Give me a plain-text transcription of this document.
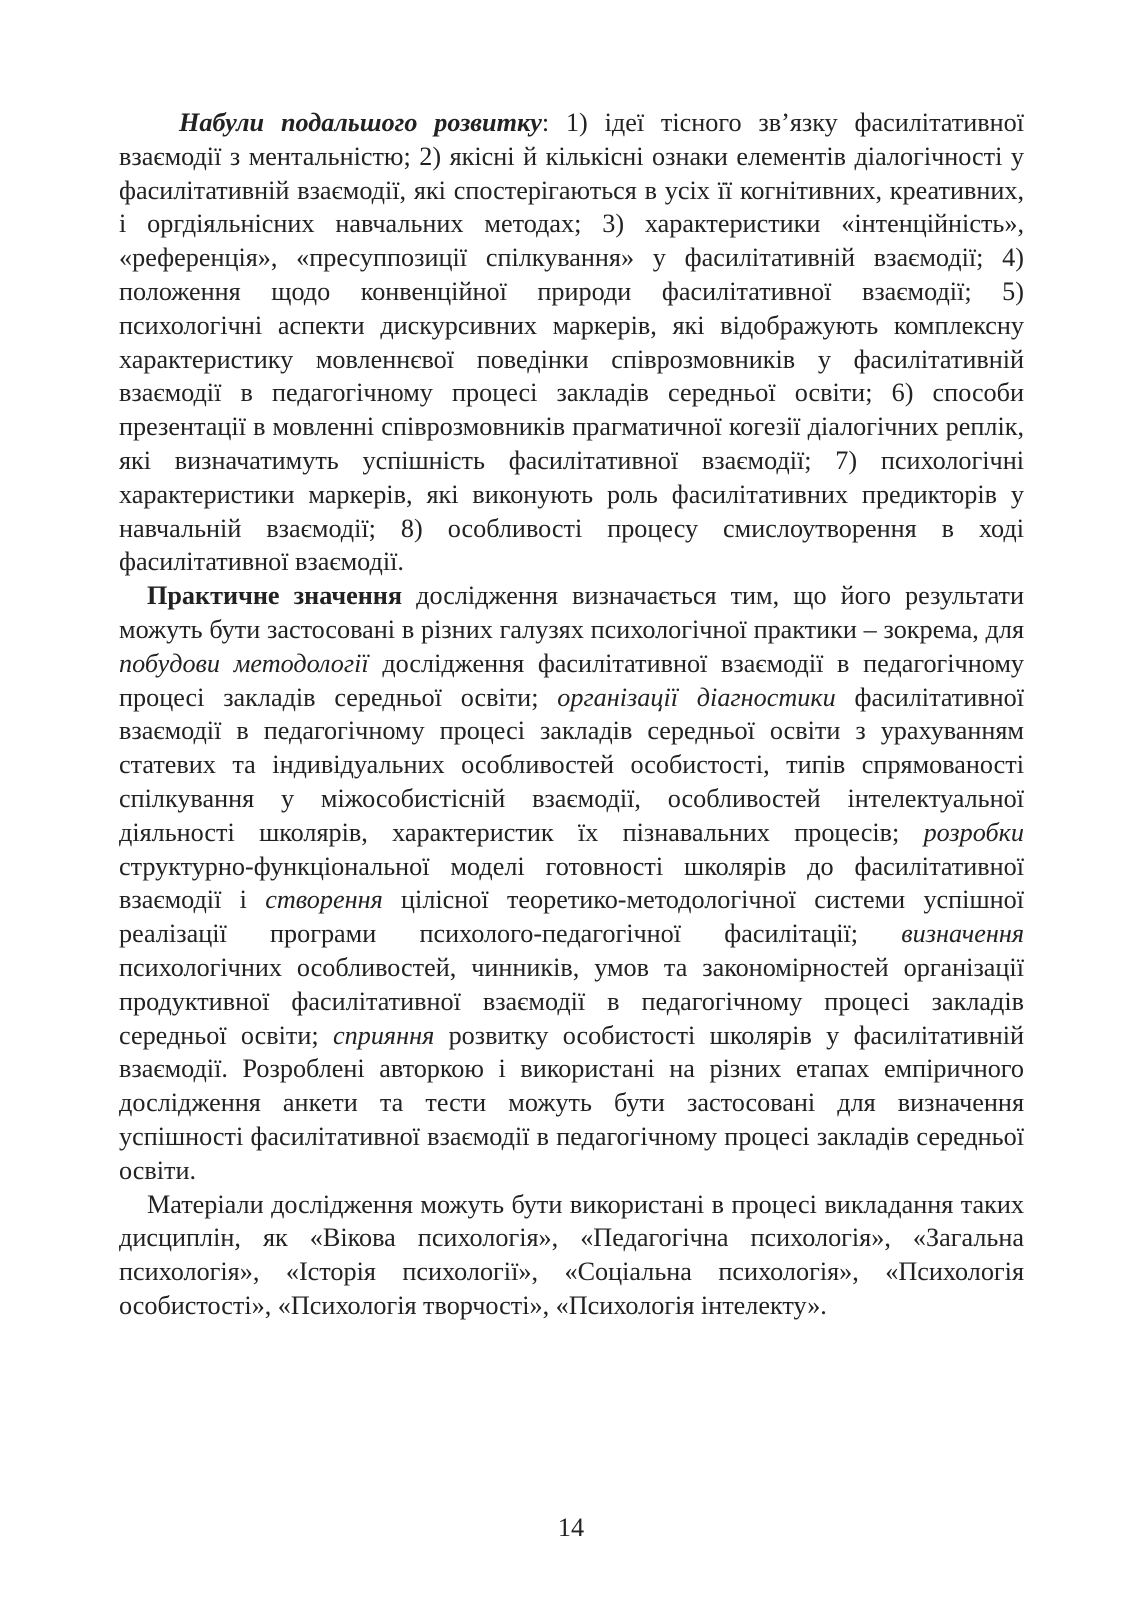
Набули подальшого розвитку: 1) ідеї тісного зв’язку фасилітативної взаємодії з ментальністю; 2) якісні й кількісні ознаки елементів діалогічності у фасилітативній взаємодії, які спостерігаються в усіх її когнітивних, креативних, і оргдіяльнісних навчальних методах; 3) характеристики «інтенційність», «референція», «пресуппозиції спілкування» у фасилітативній взаємодії; 4) положення щодо конвенційної природи фасилітативної взаємодії; 5) психологічні аспекти дискурсивних маркерів, які відображують комплексну характеристику мовленнєвої поведінки співрозмовників у фасилітативній взаємодії в педагогічному процесі закладів середньої освіти; 6) способи презентації в мовленні співрозмовників прагматичної когезії діалогічних реплік, які визначатимуть успішність фасилітативної взаємодії; 7) психологічні характеристики маркерів, які виконують роль фасилітативних предикторів у навчальній взаємодії; 8) особливості процесу смислоутворення в ході фасилітативної взаємодії.

Практичне значення дослідження визначається тим, що його результати можуть бути застосовані в різних галузях психологічної практики – зокрема, для побудови методології дослідження фасилітативної взаємодії в педагогічному процесі закладів середньої освіти; організації діагностики фасилітативної взаємодії в педагогічному процесі закладів середньої освіти з урахуванням статевих та індивідуальних особливостей особистості, типів спрямованості спілкування у міжособистісній взаємодії, особливостей інтелектуальної діяльності школярів, характеристик їх пізнавальних процесів; розробки структурно-функціональної моделі готовності школярів до фасилітативної взаємодії і створення цілісної теоретико-методологічної системи успішної реалізації програми психолого-педагогічної фасилітації; визначення психологічних особливостей, чинників, умов та закономірностей організації продуктивної фасилітативної взаємодії в педагогічному процесі закладів середньої освіти; сприяння розвитку особистості школярів у фасилітативній взаємодії. Розроблені авторкою і використані на різних етапах емпіричного дослідження анкети та тести можуть бути застосовані для визначення успішності фасилітативної взаємодії в педагогічному процесі закладів середньої освіти.

Матеріали дослідження можуть бути використані в процесі викладання таких дисциплін, як «Вікова психологія», «Педагогічна психологія», «Загальна психологія», «Історія психології», «Соціальна психологія», «Психологія особистості», «Психологія творчості», «Психологія інтелекту».

14
